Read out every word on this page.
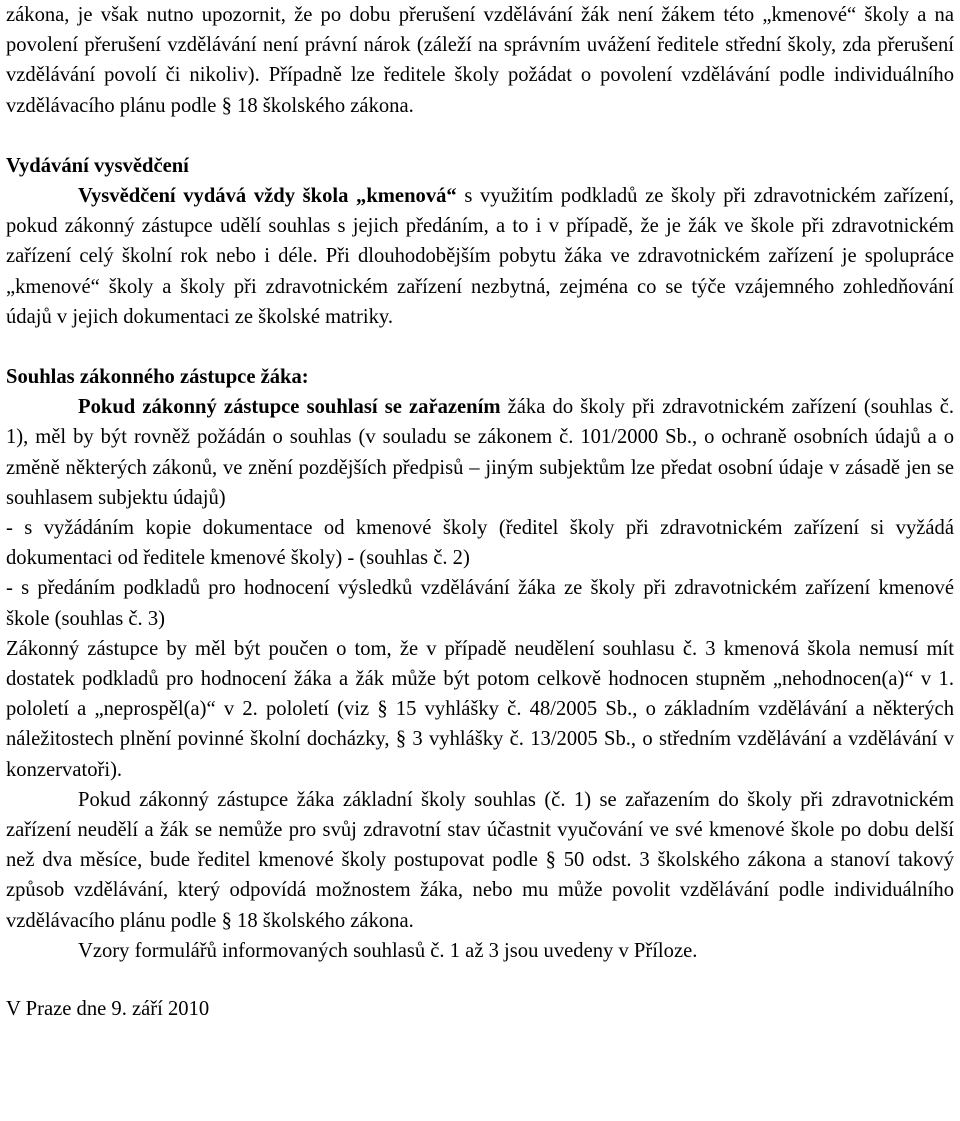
zákona, je však nutno upozornit, že po dobu přerušení vzdělávání žák není žákem této „kmenové“ školy a na povolení přerušení vzdělávání není právní nárok (záleží na správním uvážení ředitele střední školy, zda přerušení vzdělávání povolí či nikoliv). Případně lze ředitele školy požádat o povolení vzdělávání podle individuálního vzdělávacího plánu podle § 18 školského zákona.

Vydávání vysvědčení

Vysvědčení vydává vždy škola „kmenová“ s využitím podkladů ze školy při zdravotnickém zařízení, pokud zákonný zástupce udělí souhlas s jejich předáním, a to i v případě, že je žák ve škole při zdravotnickém zařízení celý školní rok nebo i déle. Při dlouhodobějším pobytu žáka ve zdravotnickém zařízení je spolupráce „kmenové“ školy a školy při zdravotnickém zařízení nezbytná, zejména co se týče vzájemného zohledňování údajů v jejich dokumentaci ze školské matriky.

Souhlas zákonného zástupce žáka:

Pokud zákonný zástupce souhlasí se zařazením žáka do školy při zdravotnickém zařízení (souhlas č. 1), měl by být rovněž požádán o souhlas (v souladu se zákonem č. 101/2000 Sb., o ochraně osobních údajů a o změně některých zákonů, ve znění pozdějších předpisů – jiným subjektům lze předat osobní údaje v zásadě jen se souhlasem subjektu údajů)

- s vyžádáním kopie dokumentace od kmenové školy (ředitel školy při zdravotnickém zařízení si vyžádá dokumentaci od ředitele kmenové školy) - (souhlas č. 2)

- s předáním podkladů pro hodnocení výsledků vzdělávání žáka ze školy při zdravotnickém zařízení kmenové škole (souhlas č. 3)

Zákonný zástupce by měl být poučen o tom, že v případě neudělení souhlasu č. 3 kmenová škola nemusí mít dostatek podkladů pro hodnocení žáka a žák může být potom celkově hodnocen stupněm „nehodnocen(a)“ v 1. pololetí a „neprospěl(a)“ v 2. pololetí (viz § 15 vyhlášky č. 48/2005 Sb., o základním vzdělávání a některých náležitostech plnění povinné školní docházky, § 3 vyhlášky č. 13/2005 Sb., o středním vzdělávání a vzdělávání v konzervatoři).

Pokud zákonný zástupce žáka základní školy souhlas (č. 1) se zařazením do školy při zdravotnickém zařízení neudělí a žák se nemůže pro svůj zdravotní stav účastnit vyučování ve své kmenové škole po dobu delší než dva měsíce, bude ředitel kmenové školy postupovat podle § 50 odst. 3 školského zákona a stanoví takový způsob vzdělávání, který odpovídá možnostem žáka, nebo mu může povolit vzdělávání podle individuálního vzdělávacího plánu podle § 18 školského zákona.

Vzory formulářů informovaných souhlasů č. 1 až 3 jsou uvedeny v Příloze.

V Praze dne 9. září 2010
